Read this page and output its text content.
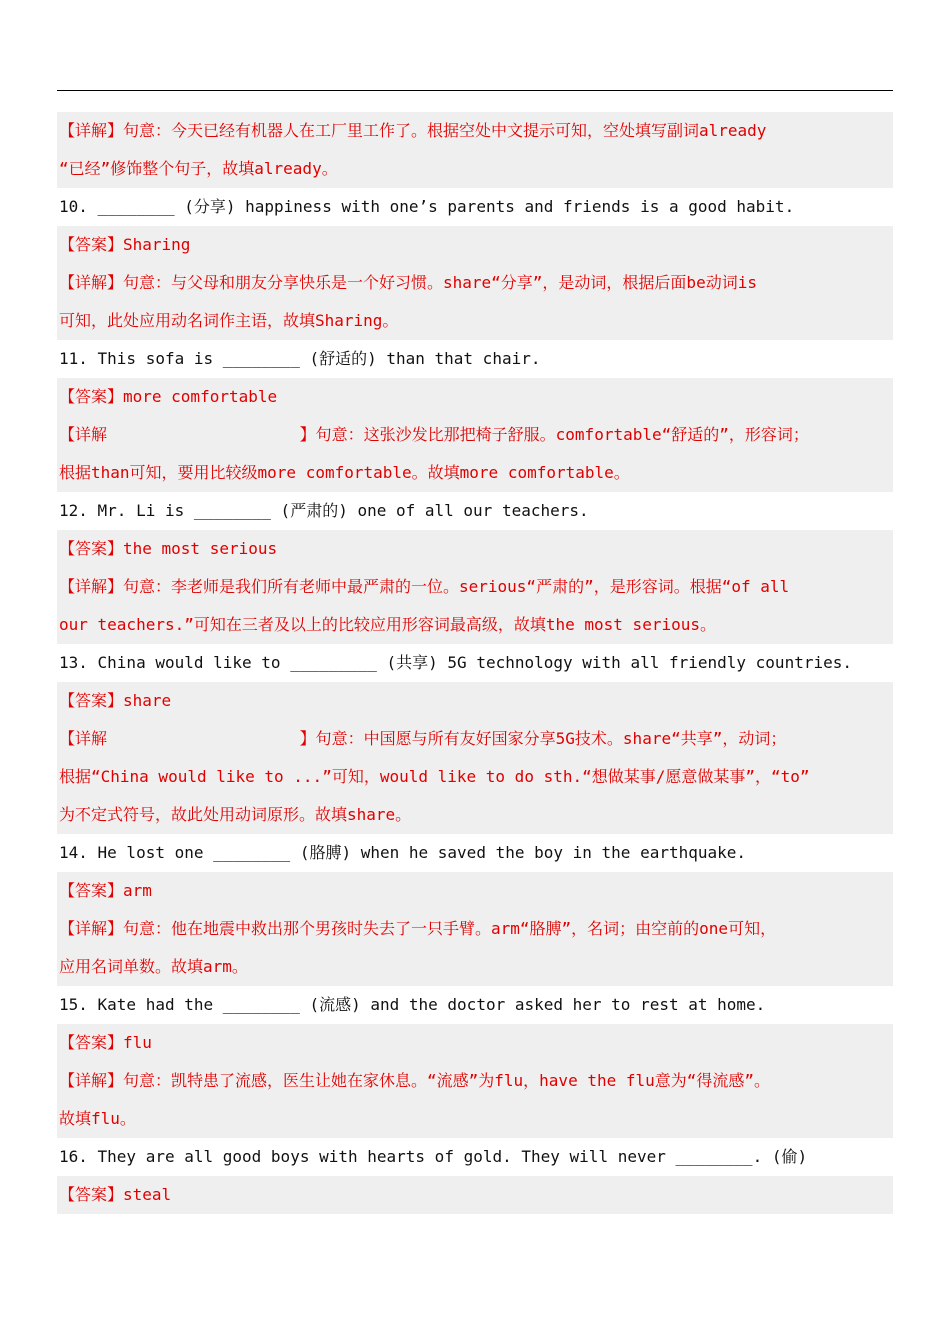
【详解】句意：今天已经有机器人在工厂里工作了。根据空处中文提示可知，空处填写副词already
“已经”修饰整个句子，故填already。
10. ________ (分享) happiness with one’s parents and friends is a good habit.
【答案】Sharing
【详解】句意：与父母和朋友分享快乐是一个好习惯。share“分享”，是动词，根据后面be动词is
可知，此处应用动名词作主语，故填Sharing。
11. This sofa is ________ (舒适的) than that chair.
【答案】more comfortable
【详解                    】句意：这张沙发比那把椅子舒服。comfortable“舒适的”，形容词；
根据than可知，要用比较级more comfortable。故填more comfortable。
12. Mr. Li is ________ (严肃的) one of all our teachers.
【答案】the most serious
【详解】句意：李老师是我们所有老师中最严肃的一位。serious“严肃的”，是形容词。根据“of all
our teachers.”可知在三者及以上的比较应用形容词最高级，故填the most serious。
13. China would like to _________ (共享) 5G technology with all friendly countries.
【答案】share
【详解                    】句意：中国愿与所有友好国家分享5G技术。share“共享”，动词；
根据“China would like to ...”可知，would like to do sth.“想做某事/愿意做某事”，“to”
为不定式符号，故此处用动词原形。故填share。
14. He lost one ________ (胳膊) when he saved the boy in the earthquake.
【答案】arm
【详解】句意：他在地震中救出那个男孩时失去了一只手臂。arm“胳膊”，名词；由空前的one可知，
应用名词单数。故填arm。
15. Kate had the ________ (流感) and the doctor asked her to rest at home.
【答案】flu
【详解】句意：凯特患了流感，医生让她在家休息。“流感”为flu，have the flu意为“得流感”。
故填flu。
16. They are all good boys with hearts of gold. They will never ________. (偷)
【答案】steal
